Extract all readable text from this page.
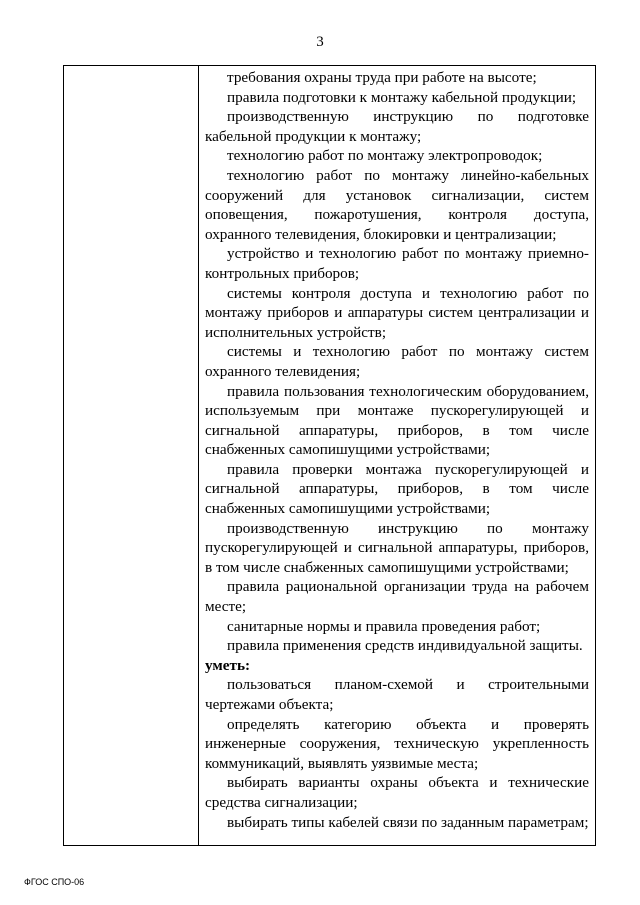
3

требования охраны труда при работе на высоте;

правила подготовки к монтажу кабельной продукции;

производственную инструкцию по подготовке кабельной продукции к монтажу;

технологию работ по монтажу электропроводок;

технологию работ по монтажу линейно-кабельных сооружений для установок сигнализации, систем оповещения, пожаротушения, контроля доступа, охранного телевидения, блокировки и централизации;

устройство и технологию работ по монтажу приемно-контрольных приборов;

системы контроля доступа и технологию работ по монтажу приборов и аппаратуры систем централизации и исполнительных устройств;

системы и технологию работ по монтажу систем охранного телевидения;

правила пользования технологическим оборудованием, используемым при монтаже пускорегулирующей и сигнальной аппаратуры, приборов, в том числе снабженных самопишущими устройствами;

правила проверки монтажа пускорегулирующей и сигнальной аппаратуры, приборов, в том числе снабженных самопишущими устройствами;

производственную инструкцию по монтажу пускорегулирующей и сигнальной аппаратуры, приборов, в том числе снабженных самопишущими устройствами;

правила рациональной организации труда на рабочем месте;

санитарные нормы и правила проведения работ;

правила применения средств индивидуальной защиты.

уметь:

пользоваться планом-схемой и строительными чертежами объекта;

определять категорию объекта и проверять инженерные сооружения, техническую укрепленность коммуникаций, выявлять уязвимые места;

выбирать варианты охраны объекта и технические средства сигнализации;

выбирать типы кабелей связи по заданным параметрам;

ФГОС СПО-06
